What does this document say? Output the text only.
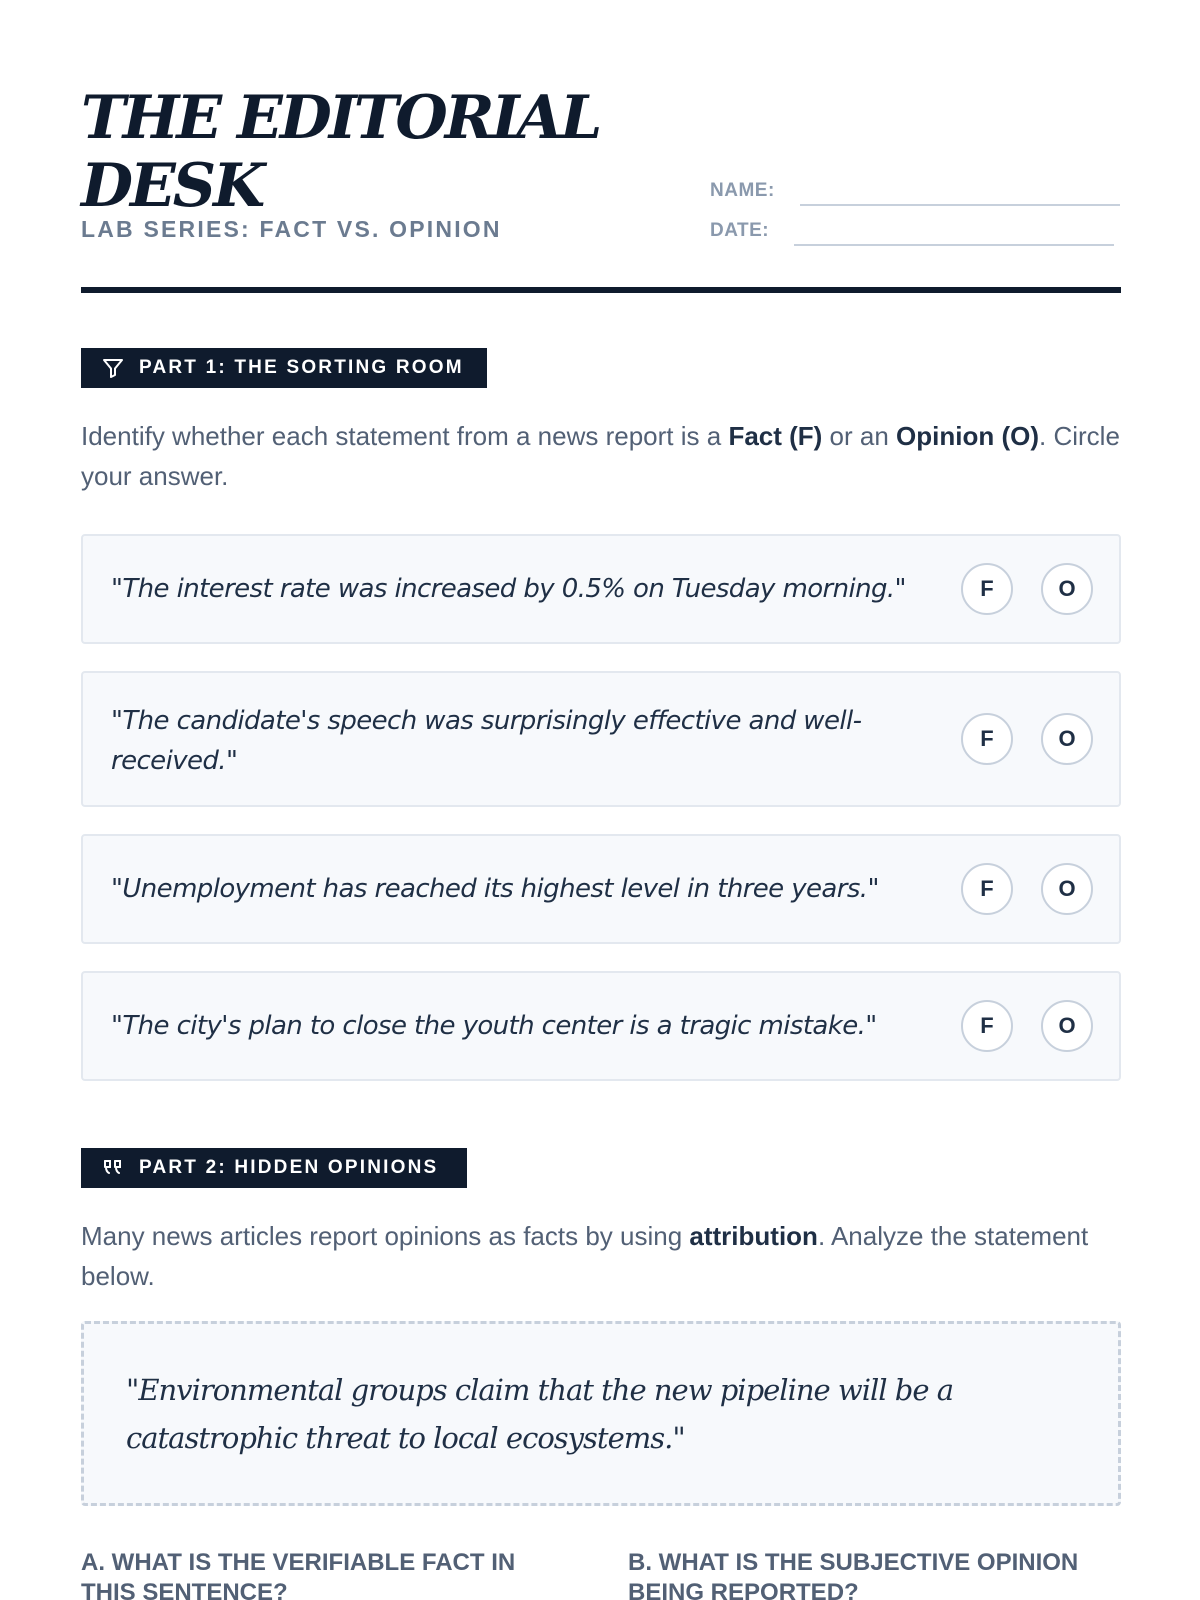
THE EDITORIAL
DESK
LAB SERIES: FACT VS. OPINION
NAME:
DATE:
PART 1: THE SORTING ROOM

Identify whether each statement from a news report is a Fact (F) or an Opinion (O). Circle your answer.

"The interest rate was increased by 0.5% on Tuesday morning."	F	O
"The candidate's speech was surprisingly effective and well-received."
F	O
"Unemployment has reached its highest level in three years."	F	O
"The city's plan to close the youth center is a tragic mistake."	F	O
PART 2: HIDDEN OPINIONS

Many news articles report opinions as facts by using attribution. Analyze the statement below.

"Environmental groups claim that the new pipeline will be a catastrophic threat to local ecosystems."
A. WHAT IS THE VERIFIABLE FACT IN THIS SENTENCE?
B. WHAT IS THE SUBJECTIVE OPINION BEING REPORTED?
